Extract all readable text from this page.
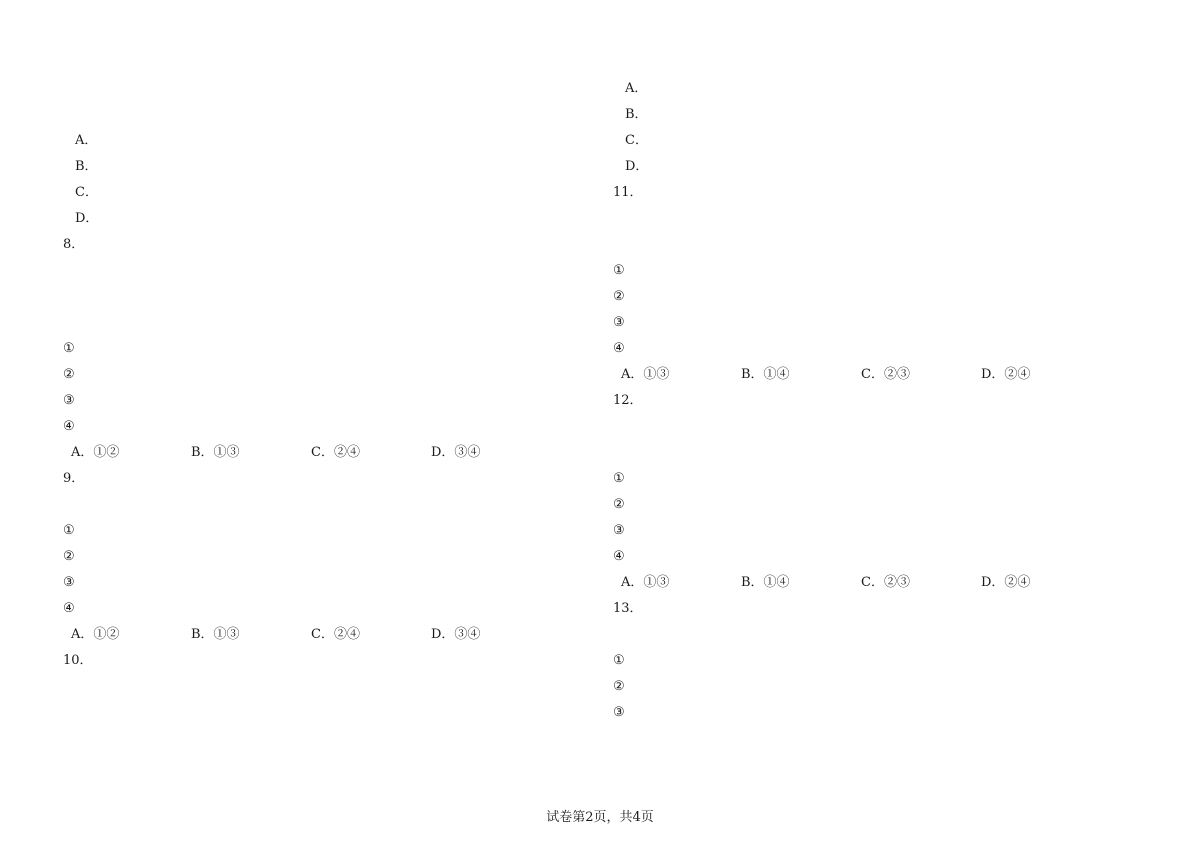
A．
B．
C．
D．
8．
①
②
③
④
A．①②	B．①③	C．②④	D．③④
9．
①
②
③
④
A．①②	B．①③	C．②④	D．③④
10．
A．
B．
C．
D．
11．
①
②
③
④
A．①③	B．①④	C．②③	D．②④
12．
①
②
③
④
A．①③	B．①④	C．②③	D．②④
13．
①
②
③
试卷第2页，共4页
